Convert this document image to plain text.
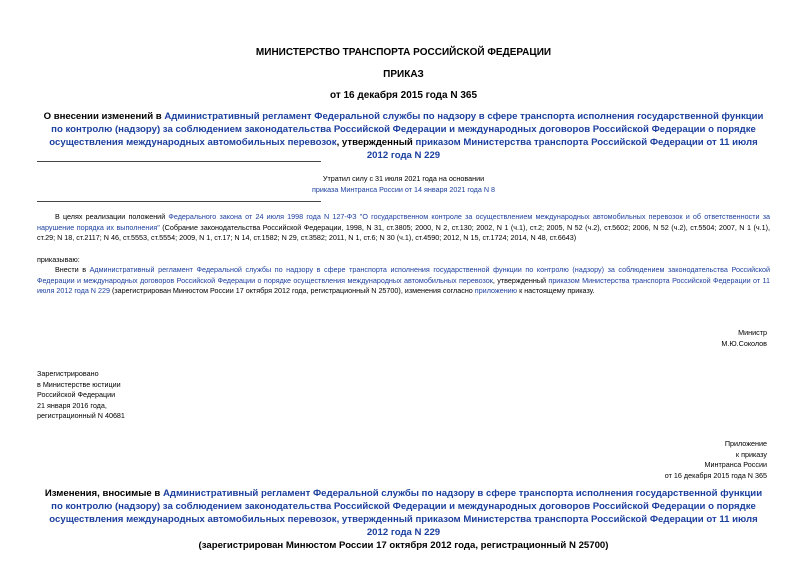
МИНИСТЕРСТВО ТРАНСПОРТА РОССИЙСКОЙ ФЕДЕРАЦИИ
ПРИКАЗ
от 16 декабря 2015 года N 365
О внесении изменений в Административный регламент Федеральной службы по надзору в сфере транспорта исполнения государственной функции по контролю (надзору) за соблюдением законодательства Российской Федерации и международных договоров Российской Федерации о порядке осуществления международных автомобильных перевозок, утвержденный приказом Министерства транспорта Российской Федерации от 11 июля 2012 года N 229
Утратил силу с 31 июля 2021 года на основании
приказа Минтранса России от 14 января 2021 года N 8
В целях реализации положений Федерального закона от 24 июля 1998 года N 127-ФЗ "О государственном контроле за осуществлением международных автомобильных перевозок и об ответственности за нарушение порядка их выполнения" (Собрание законодательства Российской Федерации, 1998, N 31, ст.3805; 2000, N 2, ст.130; 2002, N 1 (ч.1), ст.2; 2005, N 52 (ч.2), ст.5602; 2006, N 52 (ч.2), ст.5504; 2007, N 1 (ч.1), ст.29; N 18, ст.2117; N 46, ст.5553, ст.5554; 2009, N 1, ст.17; N 14, ст.1582; N 29, ст.3582; 2011, N 1, ст.6; N 30 (ч.1), ст.4590; 2012, N 15, ст.1724; 2014, N 48, ст.6643)
приказываю:
Внести в Административный регламент Федеральной службы по надзору в сфере транспорта исполнения государственной функции по контролю (надзору) за соблюдением законодательства Российской Федерации и международных договоров Российской Федерации о порядке осуществления международных автомобильных перевозок, утвержденный приказом Министерства транспорта Российской Федерации от 11 июля 2012 года N 229 (зарегистрирован Минюстом России 17 октября 2012 года, регистрационный N 25700), изменения согласно приложению к настоящему приказу.
Министр
М.Ю.Соколов
Зарегистрировано
в Министерстве юстиции
Российской Федерации
21 января 2016 года,
регистрационный N 40681
Приложение
к приказу
Минтранса России
от 16 декабря 2015 года N 365
Изменения, вносимые в Административный регламент Федеральной службы по надзору в сфере транспорта исполнения государственной функции по контролю (надзору) за соблюдением законодательства Российской Федерации и международных договоров Российской Федерации о порядке осуществления международных автомобильных перевозок, утвержденный приказом Министерства транспорта Российской Федерации от 11 июля 2012 года N 229
(зарегистрирован Минюстом России 17 октября 2012 года, регистрационный N 25700)
